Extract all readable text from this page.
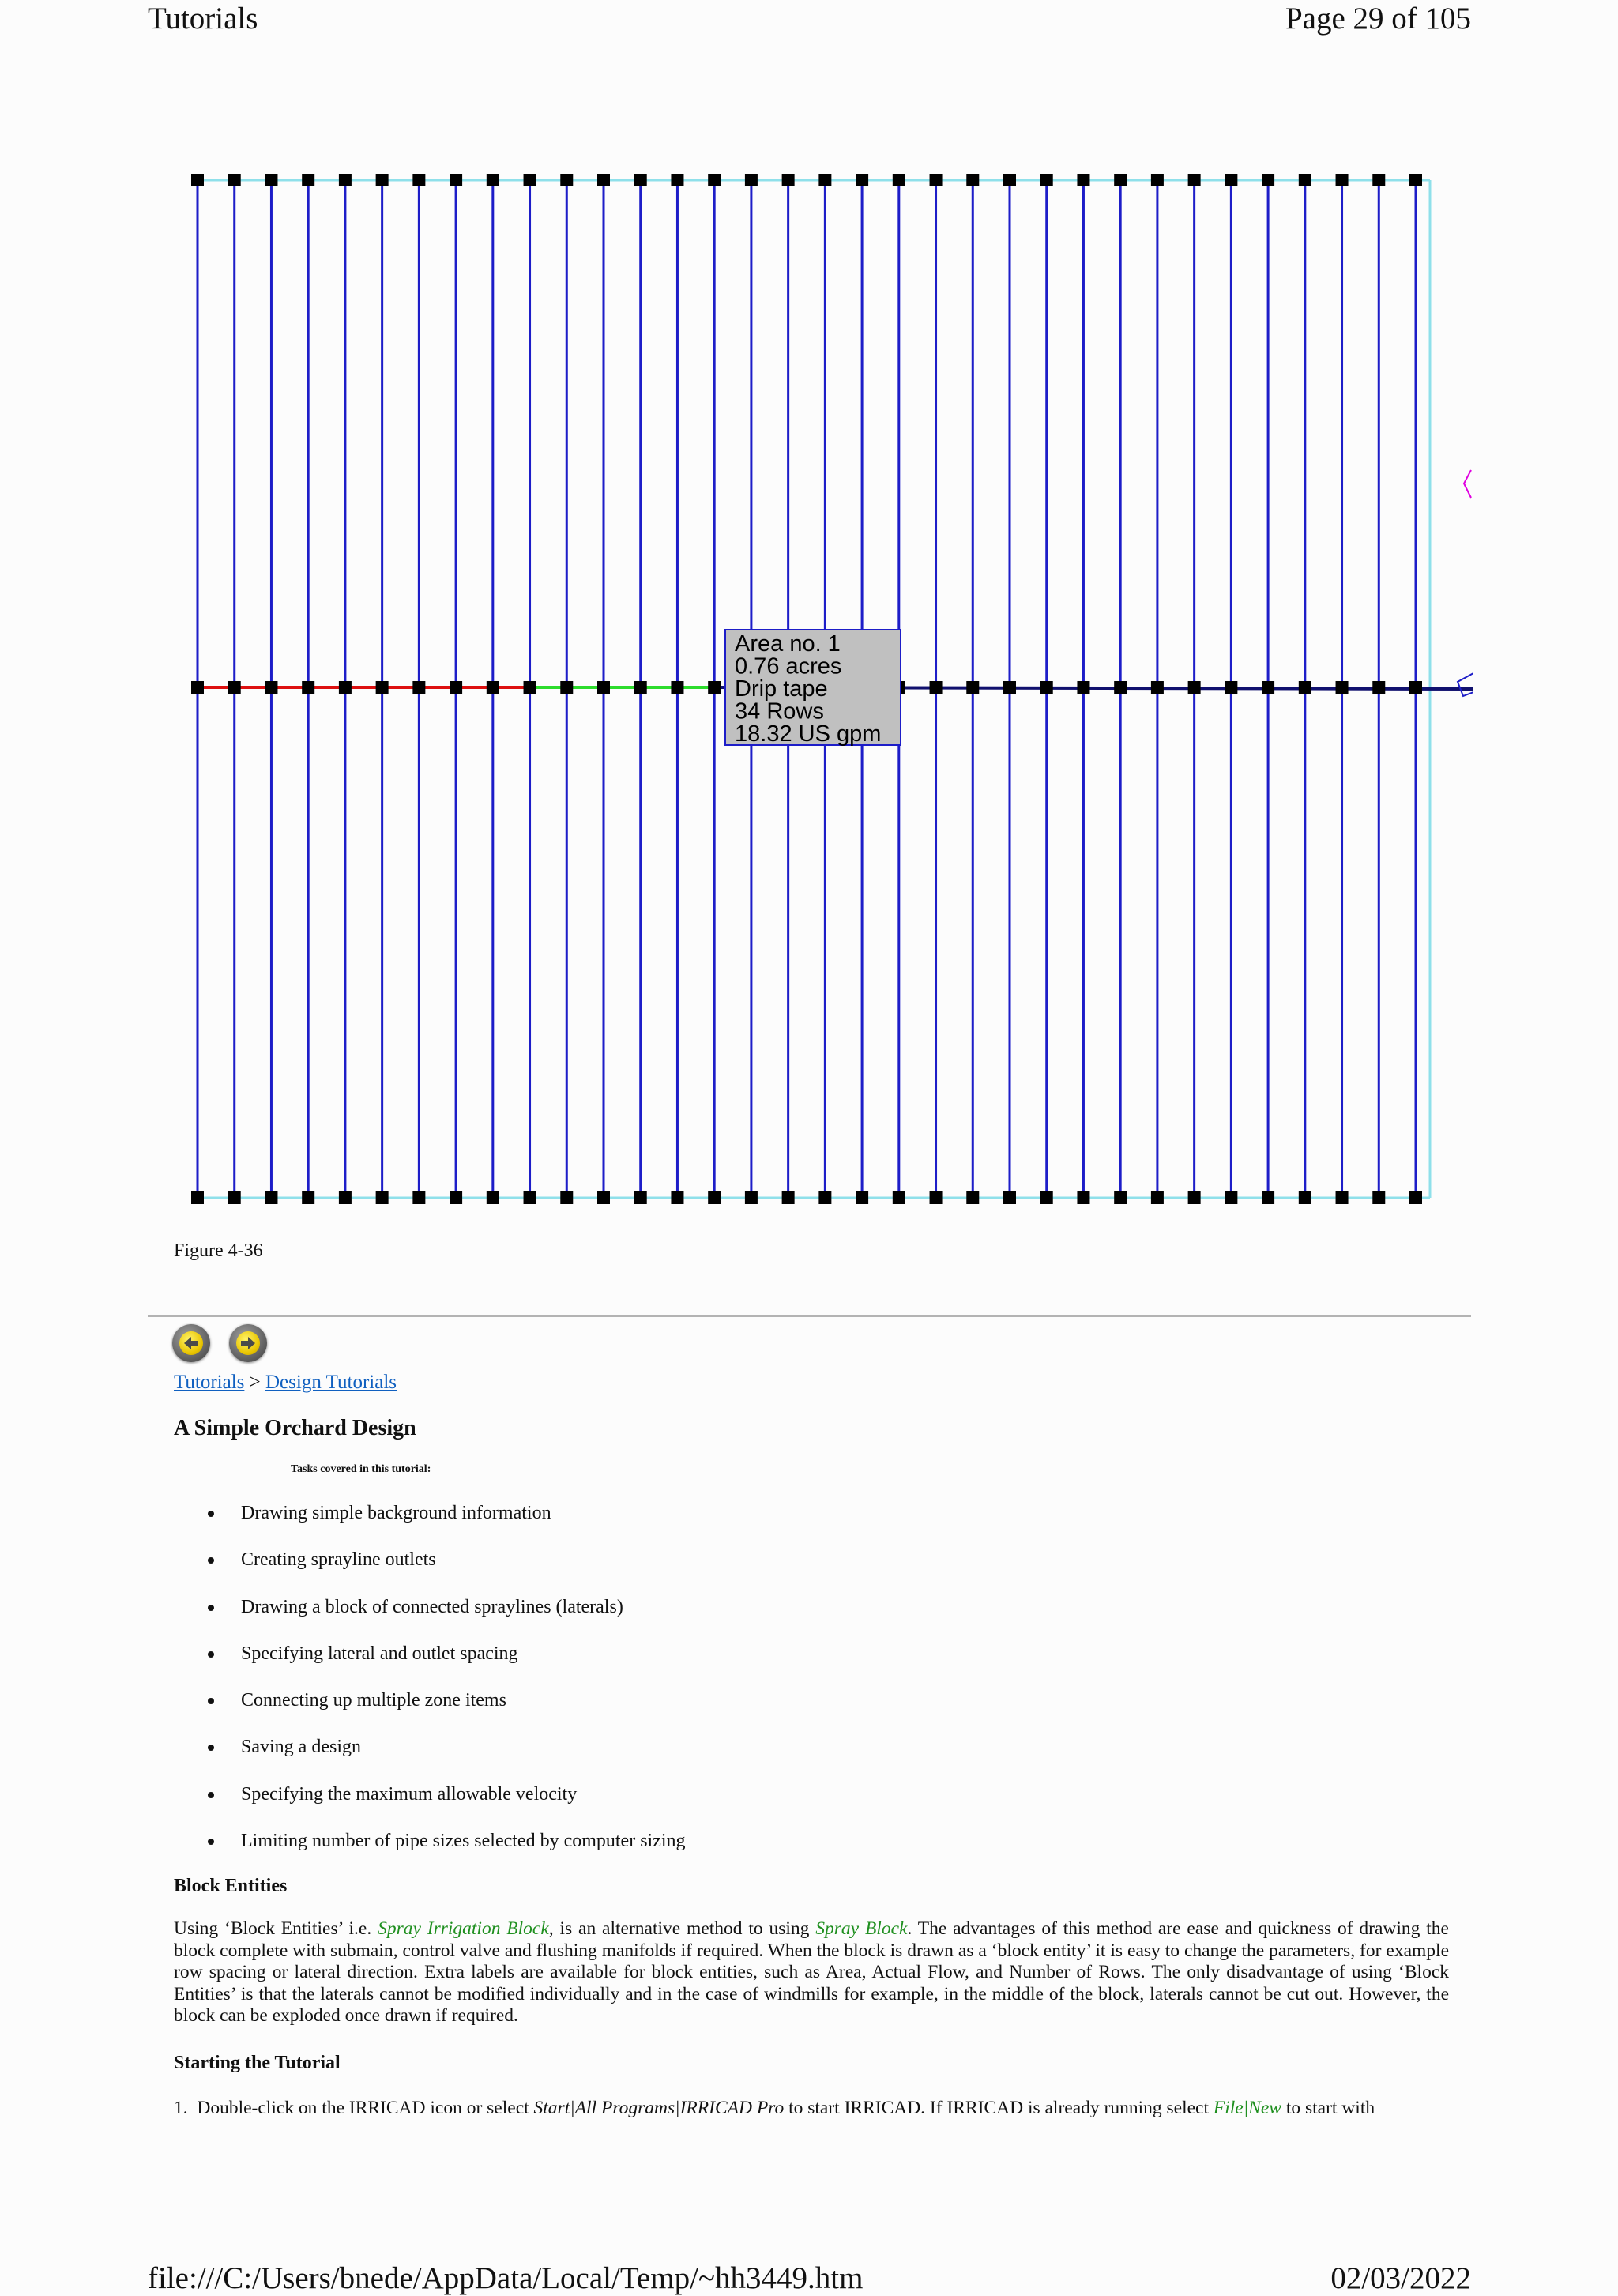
Tutorials	Page 29 of 105
Area no. 1
0.76 acres
Drip tape
34 Rows
18.32 US gpm
Figure 4-36
Tutorials > Design Tutorials
A Simple Orchard Design
Tasks covered in this tutorial:
Drawing simple background information
Creating sprayline outlets
Drawing a block of connected spraylines (laterals)
Specifying lateral and outlet spacing
Connecting up multiple zone items
Saving a design
Specifying the maximum allowable velocity
Limiting number of pipe sizes selected by computer sizing
Block Entities
Using ‘Block Entities’ i.e. Spray Irrigation Block, is an alternative method to using Spray Block. The advantages of this method are ease and quickness of drawing the block complete with submain, control valve and flushing manifolds if required. When the block is drawn as a ‘block entity’ it is easy to change the parameters, for example row spacing or lateral direction. Extra labels are available for block entities, such as Area, Actual Flow, and Number of Rows. The only disadvantage of using ‘Block Entities’ is that the laterals cannot be modified individually and in the case of windmills for example, in the middle of the block, laterals cannot be cut out. However, the block can be exploded once drawn if required.
Starting the Tutorial
1. Double-click on the IRRICAD icon or select Start|All Programs|IRRICAD Pro to start IRRICAD. If IRRICAD is already running select File|New to start with
file:///C:/Users/bnede/AppData/Local/Temp/~hh3449.htm	02/03/2022
